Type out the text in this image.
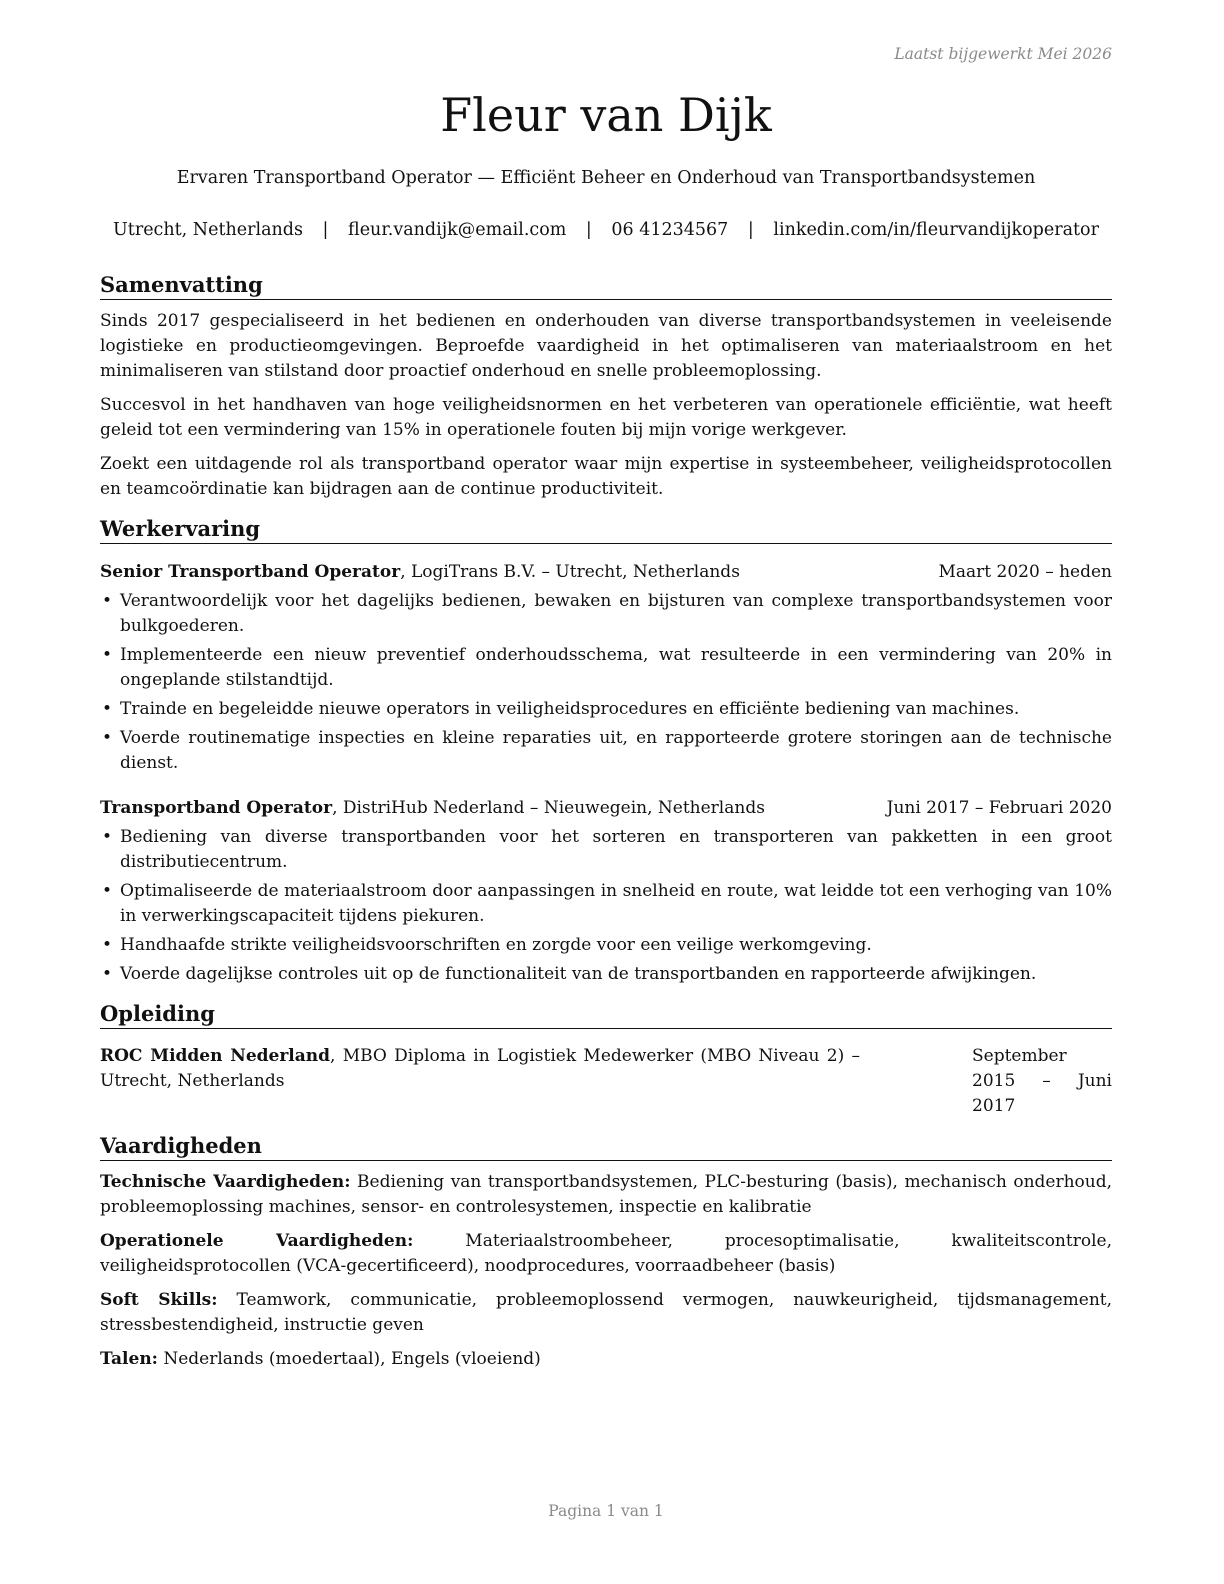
Laatst bijgewerkt Mei 2026
Fleur van Dijk
Ervaren Transportband Operator — Efficiënt Beheer en Onderhoud van Transportbandsystemen
Utrecht, Netherlands | fleur.vandijk@email.com | 06 41234567 | linkedin.com/in/fleurvandijkoperator
Samenvatting

Sinds 2017 gespecialiseerd in het bedienen en onderhouden van diverse transportbandsystemen in veeleisende logistieke en productieomgevingen. Beproefde vaardigheid in het optimaliseren van materiaalstroom en het minimaliseren van stilstand door proactief onderhoud en snelle probleemoplossing.

Succesvol in het handhaven van hoge veiligheidsnormen en het verbeteren van operationele efficiëntie, wat heeft geleid tot een vermindering van 15% in operationele fouten bij mijn vorige werkgever.

Zoekt een uitdagende rol als transportband operator waar mijn expertise in systeembeheer, veiligheidsprotocollen en teamcoördinatie kan bijdragen aan de continue productiviteit.

Werkervaring
Senior Transportband Operator, LogiTrans B.V. – Utrecht, Netherlands	Maart 2020 – heden
• Verantwoordelijk voor het dagelijks bedienen, bewaken en bijsturen van complexe transportbandsystemen voor bulkgoederen.
• Implementeerde een nieuw preventief onderhoudsschema, wat resulteerde in een vermindering van 20% in ongeplande stilstandtijd.
• Trainde en begeleidde nieuwe operators in veiligheidsprocedures en efficiënte bediening van machines.
• Voerde routinematige inspecties en kleine reparaties uit, en rapporteerde grotere storingen aan de technische dienst.
Transportband Operator, DistriHub Nederland – Nieuwegein, Netherlands	Juni 2017 – Februari 2020
• Bediening van diverse transportbanden voor het sorteren en transporteren van pakketten in een groot distributiecentrum.
• Optimaliseerde de materiaalstroom door aanpassingen in snelheid en route, wat leidde tot een verhoging van 10% in verwerkingscapaciteit tijdens piekuren.
• Handhaafde strikte veiligheidsvoorschriften en zorgde voor een veilige werkomgeving.
• Voerde dagelijkse controles uit op de functionaliteit van de transportbanden en rapporteerde afwijkingen.
Opleiding
ROC Midden Nederland, MBO Diploma in Logistiek Medewerker (MBO Niveau 2) – Utrecht, Netherlands
September 2015 – Juni 2017
Vaardigheden

Technische Vaardigheden: Bediening van transportbandsystemen, PLC-besturing (basis), mechanisch onderhoud, probleemoplossing machines, sensor- en controlesystemen, inspectie en kalibratie

Operationele Vaardigheden: Materiaalstroombeheer, procesoptimalisatie, kwaliteitscontrole, veiligheidsprotocollen (VCA-gecertificeerd), noodprocedures, voorraadbeheer (basis)

Soft Skills: Teamwork, communicatie, probleemoplossend vermogen, nauwkeurigheid, tijdsmanagement, stressbestendigheid, instructie geven

Talen: Nederlands (moedertaal), Engels (vloeiend)

Pagina 1 van 1
